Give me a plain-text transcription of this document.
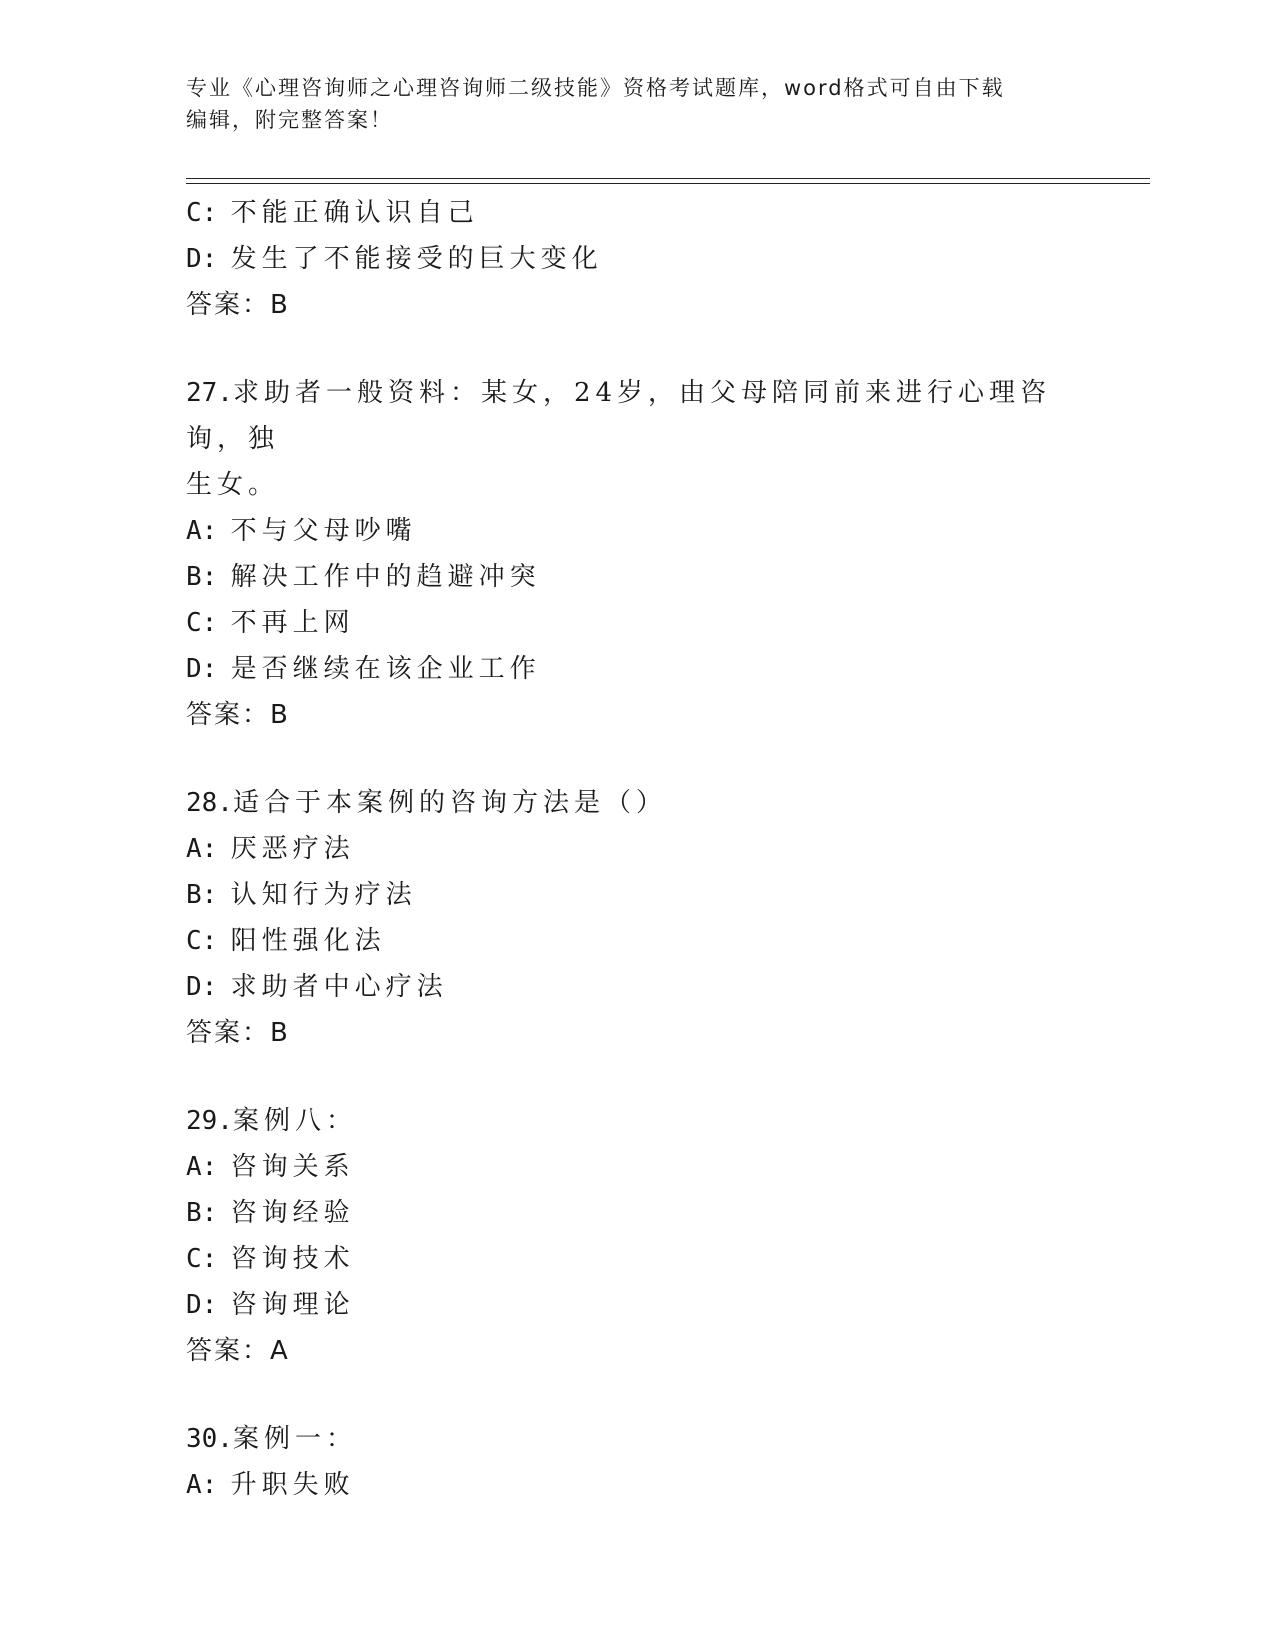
专业《心理咨询师之心理咨询师二级技能》资格考试题库，word格式可自由下载
编辑，附完整答案！
C: 不能正确认识自己
D: 发生了不能接受的巨大变化
答案：B
27.求助者一般资料：某女，24岁，由父母陪同前来进行心理咨询，独
生女。
A: 不与父母吵嘴
B: 解决工作中的趋避冲突
C: 不再上网
D: 是否继续在该企业工作
答案：B
28.适合于本案例的咨询方法是（）
A: 厌恶疗法
B: 认知行为疗法
C: 阳性强化法
D: 求助者中心疗法
答案：B
29.案例八：
A: 咨询关系
B: 咨询经验
C: 咨询技术
D: 咨询理论
答案：A
30.案例一：
A: 升职失败
